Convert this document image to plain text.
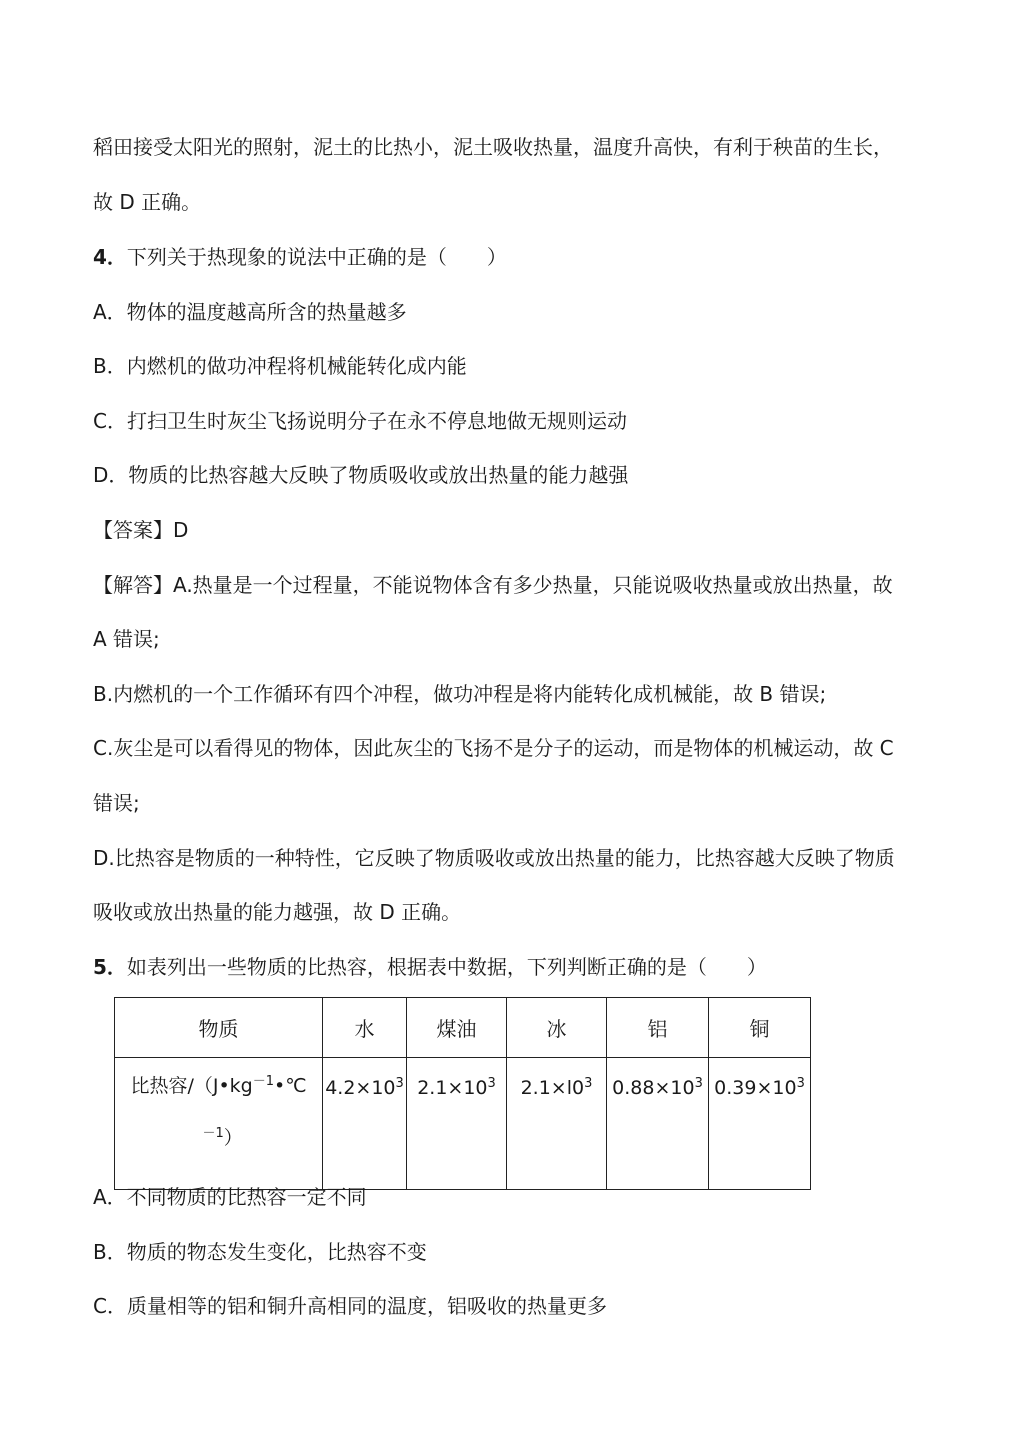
稻田接受太阳光的照射，泥土的比热小，泥土吸收热量，温度升高快，有利于秧苗的生长，

故 D 正确。

4．下列关于热现象的说法中正确的是（　　）

A．物体的温度越高所含的热量越多

B．内燃机的做功冲程将机械能转化成内能

C．打扫卫生时灰尘飞扬说明分子在永不停息地做无规则运动

D．物质的比热容越大反映了物质吸收或放出热量的能力越强

【答案】D

【解答】A.热量是一个过程量，不能说物体含有多少热量，只能说吸收热量或放出热量，故

A 错误;

B.内燃机的一个工作循环有四个冲程，做功冲程是将内能转化成机械能，故 B 错误;

C.灰尘是可以看得见的物体，因此灰尘的飞扬不是分子的运动，而是物体的机械运动，故 C

错误;

D.比热容是物质的一种特性，它反映了物质吸收或放出热量的能力，比热容越大反映了物质

吸收或放出热量的能力越强，故 D 正确。

5．如表列出一些物质的比热容，根据表中数据，下列判断正确的是（　　）

物质	水	煤油	冰	铝	铜
比热容$/(J•kg^{-1}•℃$
$^{-1}$）	$4.2\times 10^3$	$2.1\times 10^3$	$2.1\times l0^3$	$0.88\times 10^3$	$0.39\times 10^3$

A．不同物质的比热容一定不同

B．物质的物态发生变化，比热容不变

C．质量相等的铝和铜升高相同的温度，铝吸收的热量更多
